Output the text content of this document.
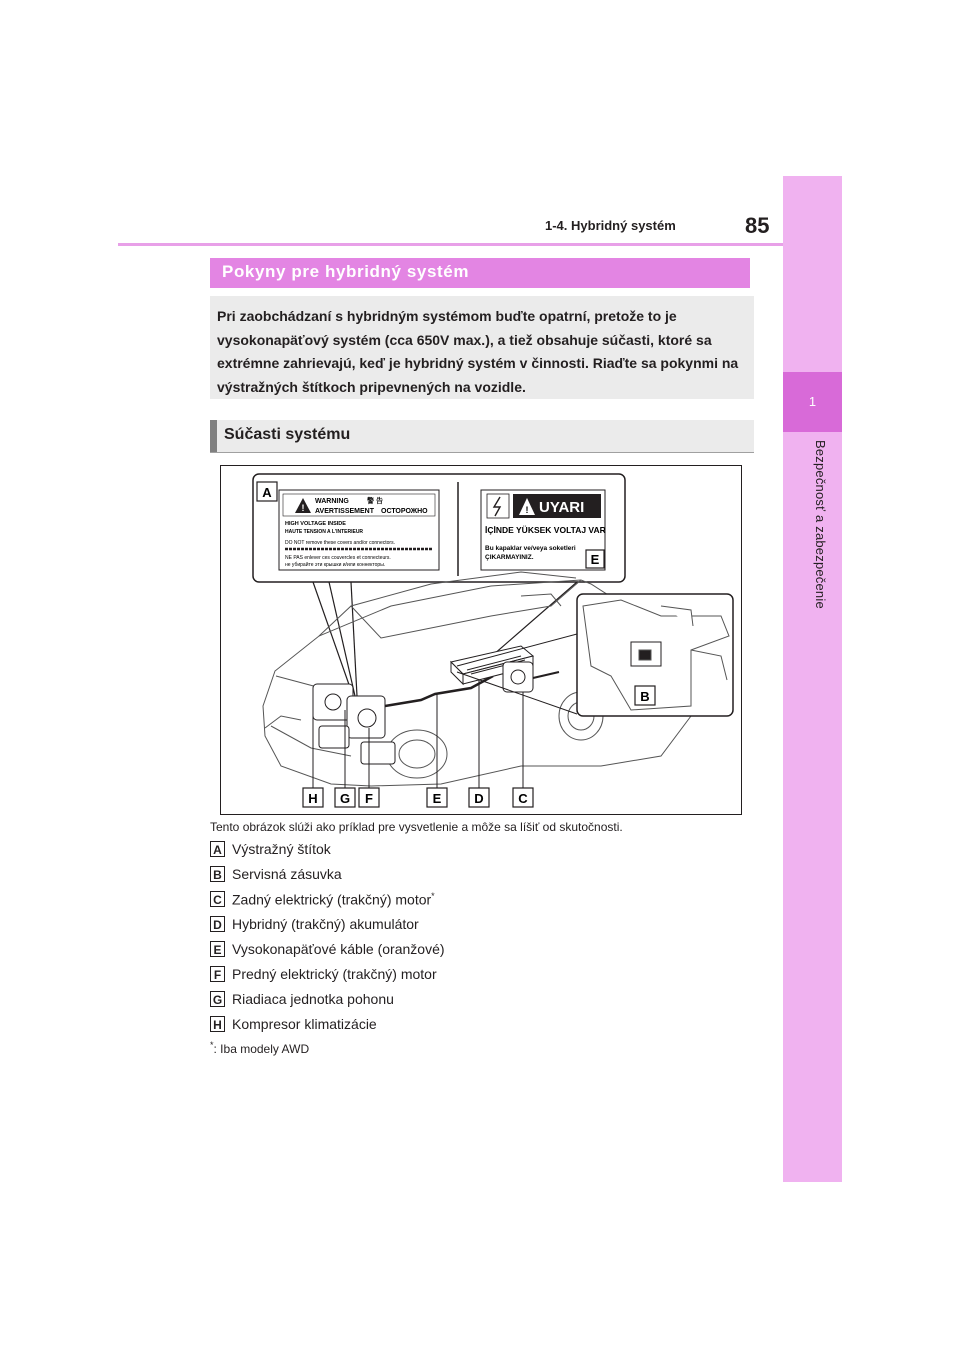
1
Bezpečnosť a zabezpečenie
1-4. Hybridný systém	85
Pokyny pre hybridný systém

Pri zaobchádzaní s hybridným systémom buďte opatrní, pretože to je vysokonapäťový systém (cca 650V max.), a tiež obsahuje súčasti, ktoré sa extrémne zahrievajú, keď je hybridný systém v činnosti. Riaďte sa pokynmi na výstražných štítkoch pripevnených na vozidle.

Súčasti systému
!
WARNING	警 告
AVERTISSEMENT ОСТОРОЖНО
HIGH VOLTAGE INSIDE
HAUTE TENSION A L'INTERIEUR
DO NOT remove these covers and/or connectors.
NE PAS enlever ces couvercles et connecteurs.
не убирайте эти крышки и/или коннекторы.
! UYARI
İÇİNDE YÜKSEK VOLTAJ VAR
Bu kapaklar ve/veya soketleri
ÇIKARMAYINIZ.
A
E
B
H G F	E	D	C
Tento obrázok slúži ako príklad pre vysvetlenie a môže sa líšiť od skutočnosti.
A Výstražný štítok
B Servisná zásuvka
C Zadný elektrický (trakčný) motor*
D Hybridný (trakčný) akumulátor
E Vysokonapäťové káble (oranžové)
F Predný elektrický (trakčný) motor
G Riadiaca jednotka pohonu
H Kompresor klimatizácie
*: Iba modely AWD
